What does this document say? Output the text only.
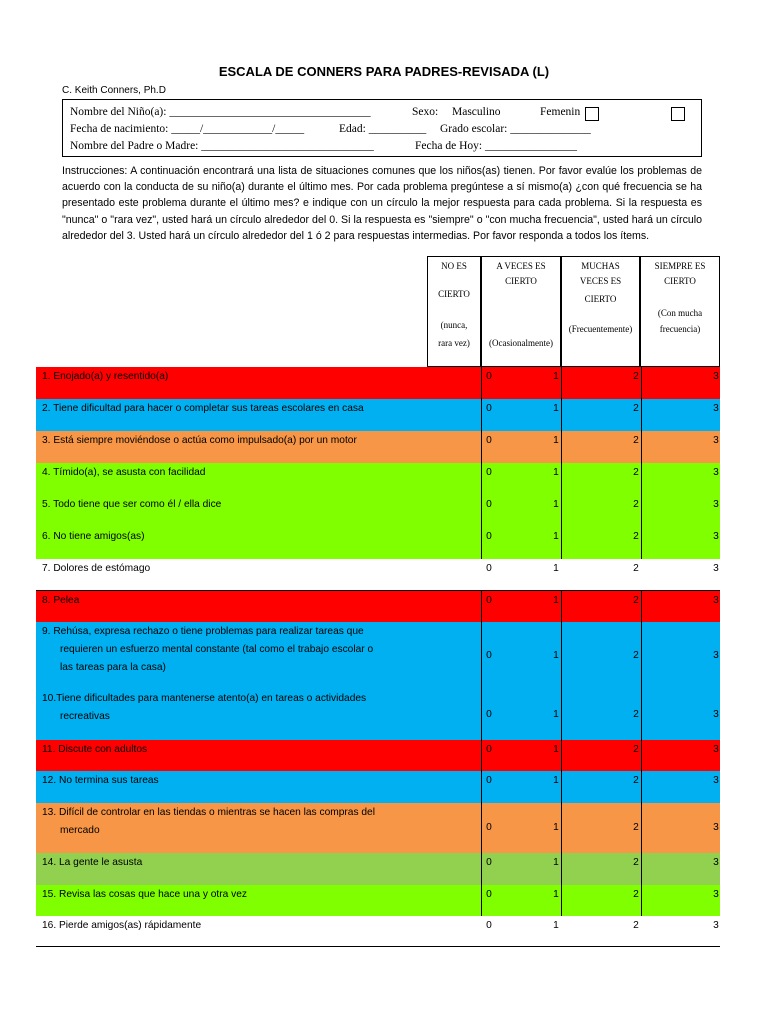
ESCALA DE CONNERS PARA PADRES-REVISADA (L)
C. Keith Conners, Ph.D
Nombre del Niño(a): ___________________________________	Sexo: Masculino	Femenin
Fecha de nacimiento: _____/____________/_____	Edad: __________ Grado escolar: ______________
Nombre del Padre o Madre: ______________________________	Fecha de Hoy: ________________
Instrucciones: A continuación encontrará una lista de situaciones comunes que los niños(as) tienen. Por favor evalúe los problemas de acuerdo con la conducta de su niño(a) durante el último mes. Por cada problema pregúntese a sí mismo(a) ¿con qué frecuencia se ha presentado este problema durante el último mes? e indique con un círculo la mejor respuesta para cada problema. Si la respuesta es "nunca" o "rara vez", usted hará un círculo alrededor del 0. Si la respuesta es "siempre" o "con mucha frecuencia", usted hará un círculo alrededor del 3. Usted hará un círculo alrededor del 1 ó 2 para respuestas intermedias. Por favor responda a todos los ítems.
NO ES
CIERTO
(nunca,
rara vez)
A VECES ES
CIERTO
(Ocasionalmente)
MUCHAS
VECES ES
CIERTO
(Frecuentemente)
SIEMPRE ES
CIERTO
(Con mucha
frecuencia)
1. Enojado(a) y resentido(a)	0	1	2	3
2. Tiene dificultad para hacer o completar sus tareas escolares en casa	0	1	2	3
3. Está siempre moviéndose o actúa como impulsado(a) por un motor	0	1	2	3
4. Tímido(a), se asusta con facilidad	0	1	2	3
5. Todo tiene que ser como él / ella dice	0	1	2	3
6. No tiene amigos(as)	0	1	2	3
7. Dolores de estómago	0	1	2	3
8. Pelea	0	1	2	3
9. Rehúsa, expresa rechazo o tiene problemas para realizar tareas que
requieren un esfuerzo mental constante (tal como el trabajo escolar o
las tareas para la casa)
0	1	2	3
10.Tiene dificultades para mantenerse atento(a) en tareas o actividades
recreativas	0	1	2	3
11. Discute con adultos	0	1	2	3
12. No termina sus tareas	0	1	2	3
13. Difícil de controlar en las tiendas o mientras se hacen las compras del
mercado	0	1	2	3
14. La gente le asusta	0	1	2	3
15. Revisa las cosas que hace una y otra vez	0	1	2	3
16. Pierde amigos(as) rápidamente	0	1	2	3
